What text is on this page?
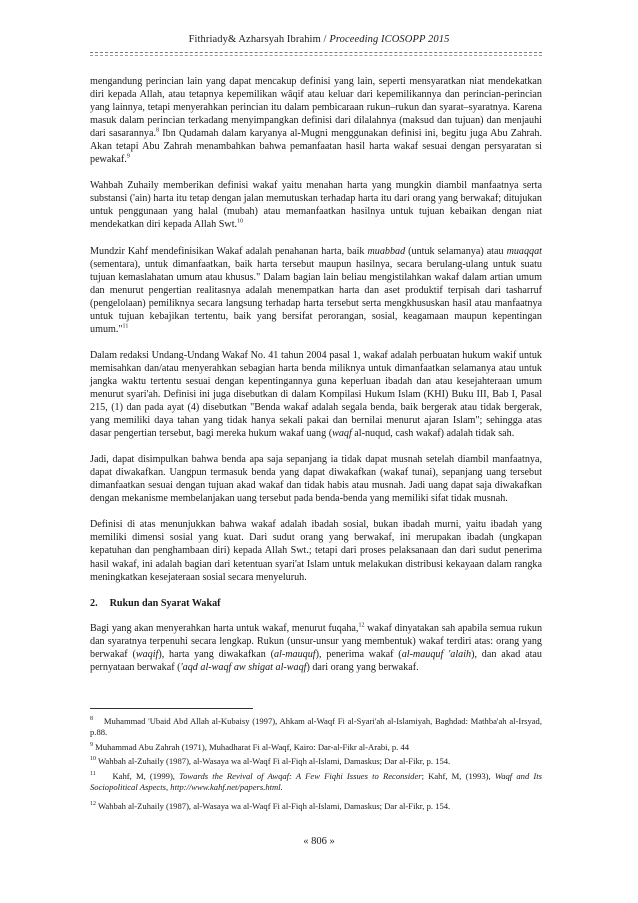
Fithriady& Azharsyah Ibrahim / Proceeding ICOSOPP 2015

mengandung perincian lain yang dapat mencakup definisi yang lain, seperti mensyaratkan niat mendekatkan diri kepada Allah, atau tetapnya kepemilikan wâqif atau keluar dari kepemilikannya dan perincian-perincian yang lainnya, tetapi menyerahkan perincian itu dalam pembicaraan rukun–rukun dan syarat–syaratnya. Karena masuk dalam perincian terkadang menyimpangkan definisi dari dilalahnya (maksud dan tujuan) dan menjauhi dari sasarannya.$^8$ Ibn Qudamah dalam karyanya al-Mugni menggunakan definisi ini, begitu juga Abu Zahrah. Akan tetapi Abu Zahrah menambahkan bahwa pemanfaatan hasil harta wakaf sesuai dengan persyaratan si pewakaf.$^9$

Wahbah Zuhaily memberikan definisi wakaf yaitu menahan harta yang mungkin diambil manfaatnya serta substansi ('ain) harta itu tetap dengan jalan memutuskan terhadap harta itu dari orang yang berwakaf; ditujukan untuk penggunaan yang halal (mubah) atau memanfaatkan hasilnya untuk tujuan kebaikan dengan niat mendekatkan diri kepada Allah Swt.$^{10}$

Mundzir Kahf mendefinisikan Wakaf adalah penahanan harta, baik muabbad (untuk selamanya) atau muaqqat (sementara), untuk dimanfaatkan, baik harta tersebut maupun hasilnya, secara berulang-ulang untuk suatu tujuan kemaslahatan umum atau khusus." Dalam bagian lain beliau mengistilahkan wakaf dalam artian umum dan menurut pengertian realitasnya adalah menempatkan harta dan aset produktif terpisah dari tasharruf (pengelolaan) pemiliknya secara langsung terhadap harta tersebut serta mengkhususkan hasil atau manfaatnya untuk tujuan kebajikan tertentu, baik yang bersifat perorangan, sosial, keagamaan maupun kepentingan umum."$^{11}$

Dalam redaksi Undang-Undang Wakaf No. 41 tahun 2004 pasal 1, wakaf adalah perbuatan hukum wakif untuk memisahkan dan/atau menyerahkan sebagian harta benda miliknya untuk dimanfaatkan selamanya atau untuk jangka waktu tertentu sesuai dengan kepentingannya guna keperluan ibadah dan atau kesejahteraan umum menurut syari'ah. Definisi ini juga disebutkan di dalam Kompilasi Hukum Islam (KHI) Buku III, Bab I, Pasal 215, (1) dan pada ayat (4) disebutkan "Benda wakaf adalah segala benda, baik bergerak atau tidak bergerak, yang memiliki daya tahan yang tidak hanya sekali pakai dan bernilai menurut ajaran Islam"; sehingga atas dasar pengertian tersebut, bagi mereka hukum wakaf uang (waqf al-nuqud, cash wakaf) adalah tidak sah.

Jadi, dapat disimpulkan bahwa benda apa saja sepanjang ia tidak dapat musnah setelah diambil manfaatnya, dapat diwakafkan. Uangpun termasuk benda yang dapat diwakafkan (wakaf tunai), sepanjang uang tersebut dimanfaatkan sesuai dengan tujuan akad wakaf dan tidak habis atau musnah. Jadi uang dapat saja diwakafkan dengan mekanisme membelanjakan uang tersebut pada benda-benda yang memiliki sifat tidak musnah.

Definisi di atas menunjukkan bahwa wakaf adalah ibadah sosial, bukan ibadah murni, yaitu ibadah yang memiliki dimensi sosial yang kuat. Dari sudut orang yang berwakaf, ini merupakan ibadah (ungkapan kepatuhan dan penghambaan diri) kepada Allah Swt.; tetapi dari proses pelaksanaan dan dari sudut penerima hasil wakaf, ini adalah bagian dari ketentuan syari'at Islam untuk melakukan distribusi kekayaan dalam rangka meningkatkan kesejateraan sosial secara menyeluruh.

2. Rukun dan Syarat Wakaf

Bagi yang akan menyerahkan harta untuk wakaf, menurut fuqaha,$^{12}$ wakaf dinyatakan sah apabila semua rukun dan syaratnya terpenuhi secara lengkap. Rukun (unsur-unsur yang membentuk) wakaf terdiri atas: orang yang berwakaf (waqif), harta yang diwakafkan (al-mauquf), penerima wakaf (al-mauquf 'alaih), dan akad atau pernyataan berwakaf ('aqd al-waqf aw shigat al-waqf) dari orang yang berwakaf.

$^8$ Muhammad 'Ubaid Abd Allah al-Kubaisy (1997), Ahkam al-Waqf Fi al-Syari'ah al-Islamiyah, Baghdad: Mathba'ah al-Irsyad, p.88.
$^9$ Muhammad Abu Zahrah (1971), Muhadharat Fi al-Waqf, Kairo: Dar-al-Fikr al-Arabi, p. 44
$^{10}$ Wahbah al-Zuhaily (1987), al-Wasaya wa al-Waqf Fi al-Fiqh al-Islami, Damaskus; Dar al-Fikr, p. 154.
$^{11}$ Kahf, M, (1999), Towards the Revival of Awqaf: A Few Fiqhi Issues to Reconsider; Kahf, M, (1993), Waqf and Its Sociopolitical Aspects, http://www.kahf.net/papers.html.
$^{12}$ Wahbah al-Zuhaily (1987), al-Wasaya wa al-Waqf Fi al-Fiqh al-Islami, Damaskus; Dar al-Fikr, p. 154.
« 806 »
